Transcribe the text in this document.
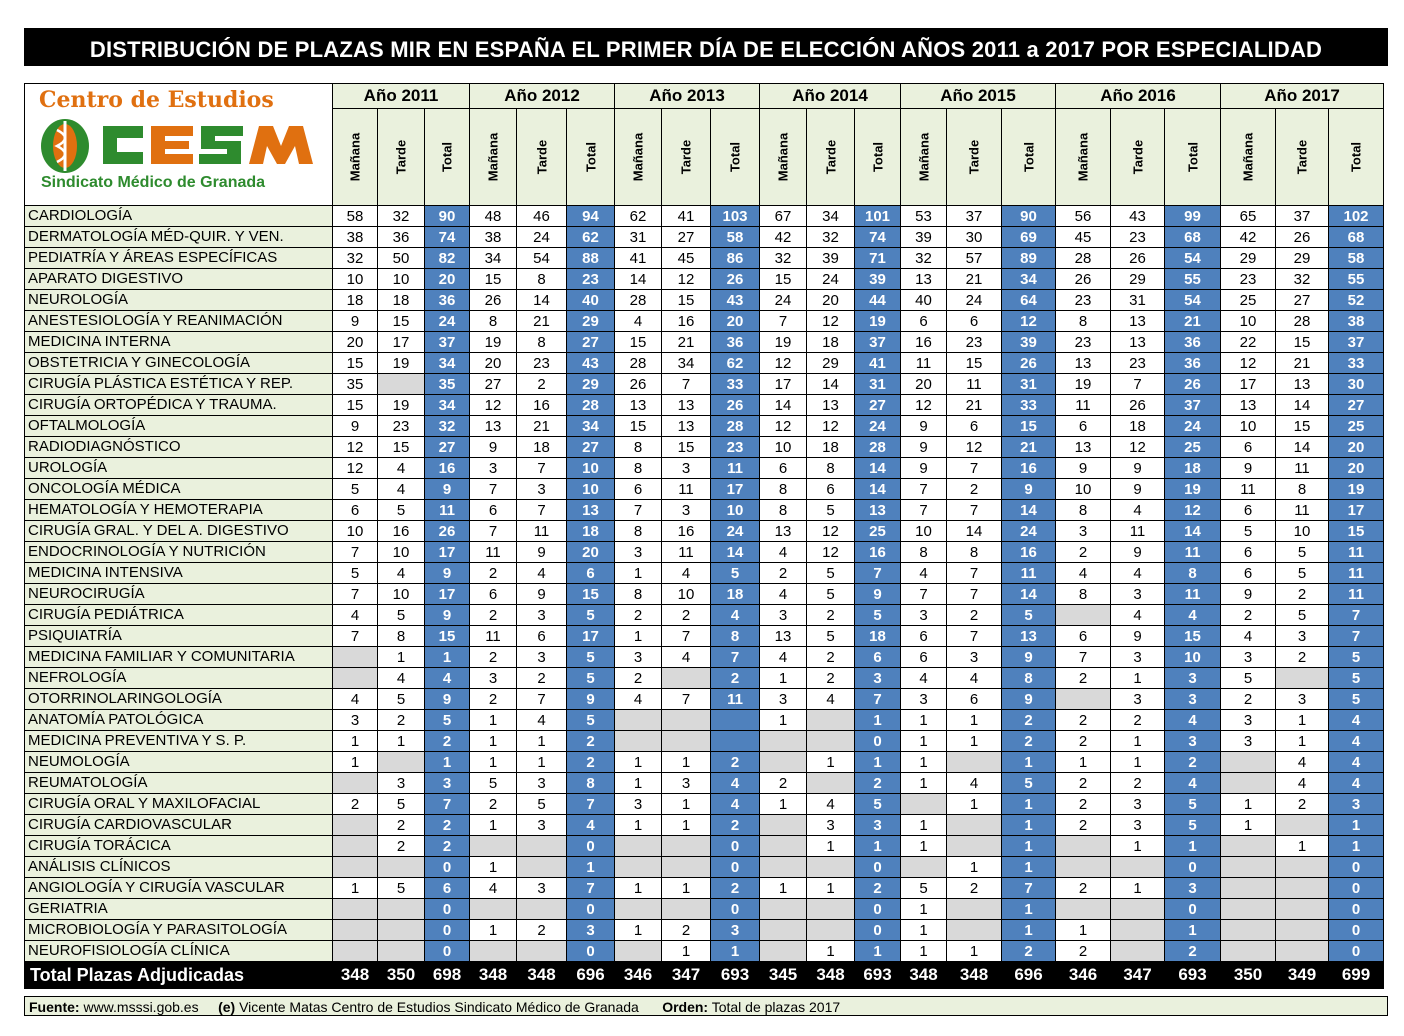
DISTRIBUCIÓN DE PLAZAS MIR EN ESPAÑA EL PRIMER DÍA DE ELECCIÓN AÑOS 2011 a 2017 POR ESPECIALIDAD
Centro de Estudios
Sindicato Médico de Granada	Año 2011			Año 2012			Año 2013			Año 2014			Año 2015			Año 2016			Año 2017		

	Mañana	Tarde	Total	Mañana	Tarde	Total	Mañana	Tarde	Total	Mañana	Tarde	Total	Mañana	Tarde	Total	Mañana	Tarde	Total	Mañana	Tarde	Total

CARDIOLOGÍA	58	32	90	48	46	94	62	41	103	67	34	101	53	37	90	56	43	99	65	37	102
DERMATOLOGÍA MÉD-QUIR. Y VEN.	38	36	74	38	24	62	31	27	58	42	32	74	39	30	69	45	23	68	42	26	68
PEDIATRÍA Y ÁREAS ESPECÍFICAS	32	50	82	34	54	88	41	45	86	32	39	71	32	57	89	28	26	54	29	29	58
APARATO DIGESTIVO	10	10	20	15	8	23	14	12	26	15	24	39	13	21	34	26	29	55	23	32	55
NEUROLOGÍA	18	18	36	26	14	40	28	15	43	24	20	44	40	24	64	23	31	54	25	27	52
ANESTESIOLOGÍA Y REANIMACIÓN	9	15	24	8	21	29	4	16	20	7	12	19	6	6	12	8	13	21	10	28	38
MEDICINA INTERNA	20	17	37	19	8	27	15	21	36	19	18	37	16	23	39	23	13	36	22	15	37
OBSTETRICIA Y GINECOLOGÍA	15	19	34	20	23	43	28	34	62	12	29	41	11	15	26	13	23	36	12	21	33
CIRUGÍA PLÁSTICA ESTÉTICA Y REP.	35		35	27	2	29	26	7	33	17	14	31	20	11	31	19	7	26	17	13	30
CIRUGÍA ORTOPÉDICA Y TRAUMA.	15	19	34	12	16	28	13	13	26	14	13	27	12	21	33	11	26	37	13	14	27
OFTALMOLOGÍA	9	23	32	13	21	34	15	13	28	12	12	24	9	6	15	6	18	24	10	15	25
RADIODIAGNÓSTICO	12	15	27	9	18	27	8	15	23	10	18	28	9	12	21	13	12	25	6	14	20
UROLOGÍA	12	4	16	3	7	10	8	3	11	6	8	14	9	7	16	9	9	18	9	11	20
ONCOLOGÍA MÉDICA	5	4	9	7	3	10	6	11	17	8	6	14	7	2	9	10	9	19	11	8	19
HEMATOLOGÍA Y HEMOTERAPIA	6	5	11	6	7	13	7	3	10	8	5	13	7	7	14	8	4	12	6	11	17
CIRUGÍA GRAL. Y DEL A. DIGESTIVO	10	16	26	7	11	18	8	16	24	13	12	25	10	14	24	3	11	14	5	10	15
ENDOCRINOLOGÍA Y NUTRICIÓN	7	10	17	11	9	20	3	11	14	4	12	16	8	8	16	2	9	11	6	5	11
MEDICINA INTENSIVA	5	4	9	2	4	6	1	4	5	2	5	7	4	7	11	4	4	8	6	5	11
NEUROCIRUGÍA	7	10	17	6	9	15	8	10	18	4	5	9	7	7	14	8	3	11	9	2	11
CIRUGÍA PEDIÁTRICA	4	5	9	2	3	5	2	2	4	3	2	5	3	2	5		4	4	2	5	7
PSIQUIATRÍA	7	8	15	11	6	17	1	7	8	13	5	18	6	7	13	6	9	15	4	3	7
MEDICINA FAMILIAR Y COMUNITARIA		1	1	2	3	5	3	4	7	4	2	6	6	3	9	7	3	10	3	2	5
NEFROLOGÍA		4	4	3	2	5	2		2	1	2	3	4	4	8	2	1	3	5		5
OTORRINOLARINGOLOGÍA	4	5	9	2	7	9	4	7	11	3	4	7	3	6	9		3	3	2	3	5
ANATOMÍA PATOLÓGICA	3	2	5	1	4	5				1		1	1	1	2	2	2	4	3	1	4
MEDICINA PREVENTIVA Y S. P.	1	1	2	1	1	2						0	1	1	2	2	1	3	3	1	4
NEUMOLOGÍA	1		1	1	1	2	1	1	2		1	1	1		1	1	1	2		4	4
REUMATOLOGÍA		3	3	5	3	8	1	3	4	2		2	1	4	5	2	2	4		4	4
CIRUGÍA ORAL Y MAXILOFACIAL	2	5	7	2	5	7	3	1	4	1	4	5		1	1	2	3	5	1	2	3
CIRUGÍA CARDIOVASCULAR		2	2	1	3	4	1	1	2		3	3	1		1	2	3	5	1		1
CIRUGÍA TORÁCICA		2	2			0			0		1	1	1		1		1	1		1	1
ANÁLISIS CLÍNICOS			0	1		1			0			0		1	1			0			0
ANGIOLOGÍA Y CIRUGÍA VASCULAR	1	5	6	4	3	7	1	1	2	1	1	2	5	2	7	2	1	3			0
GERIATRIA			0			0			0			0	1		1			0			0
MICROBIOLOGÍA Y PARASITOLOGÍA			0	1	2	3	1	2	3			0	1		1	1		1			0
NEUROFISIOLOGÍA CLÍNICA			0			0		1	1		1	1	1	1	2	2		2			0
Total Plazas Adjudicadas	348	350	698	348	348	696	346	347	693	345	348	693	348	348	696	346	347	693	350	349	699
Fuente: www.msssi.gob.es (e) Vicente Matas Centro de Estudios Sindicato Médico de Granada Orden: Total de plazas 2017
